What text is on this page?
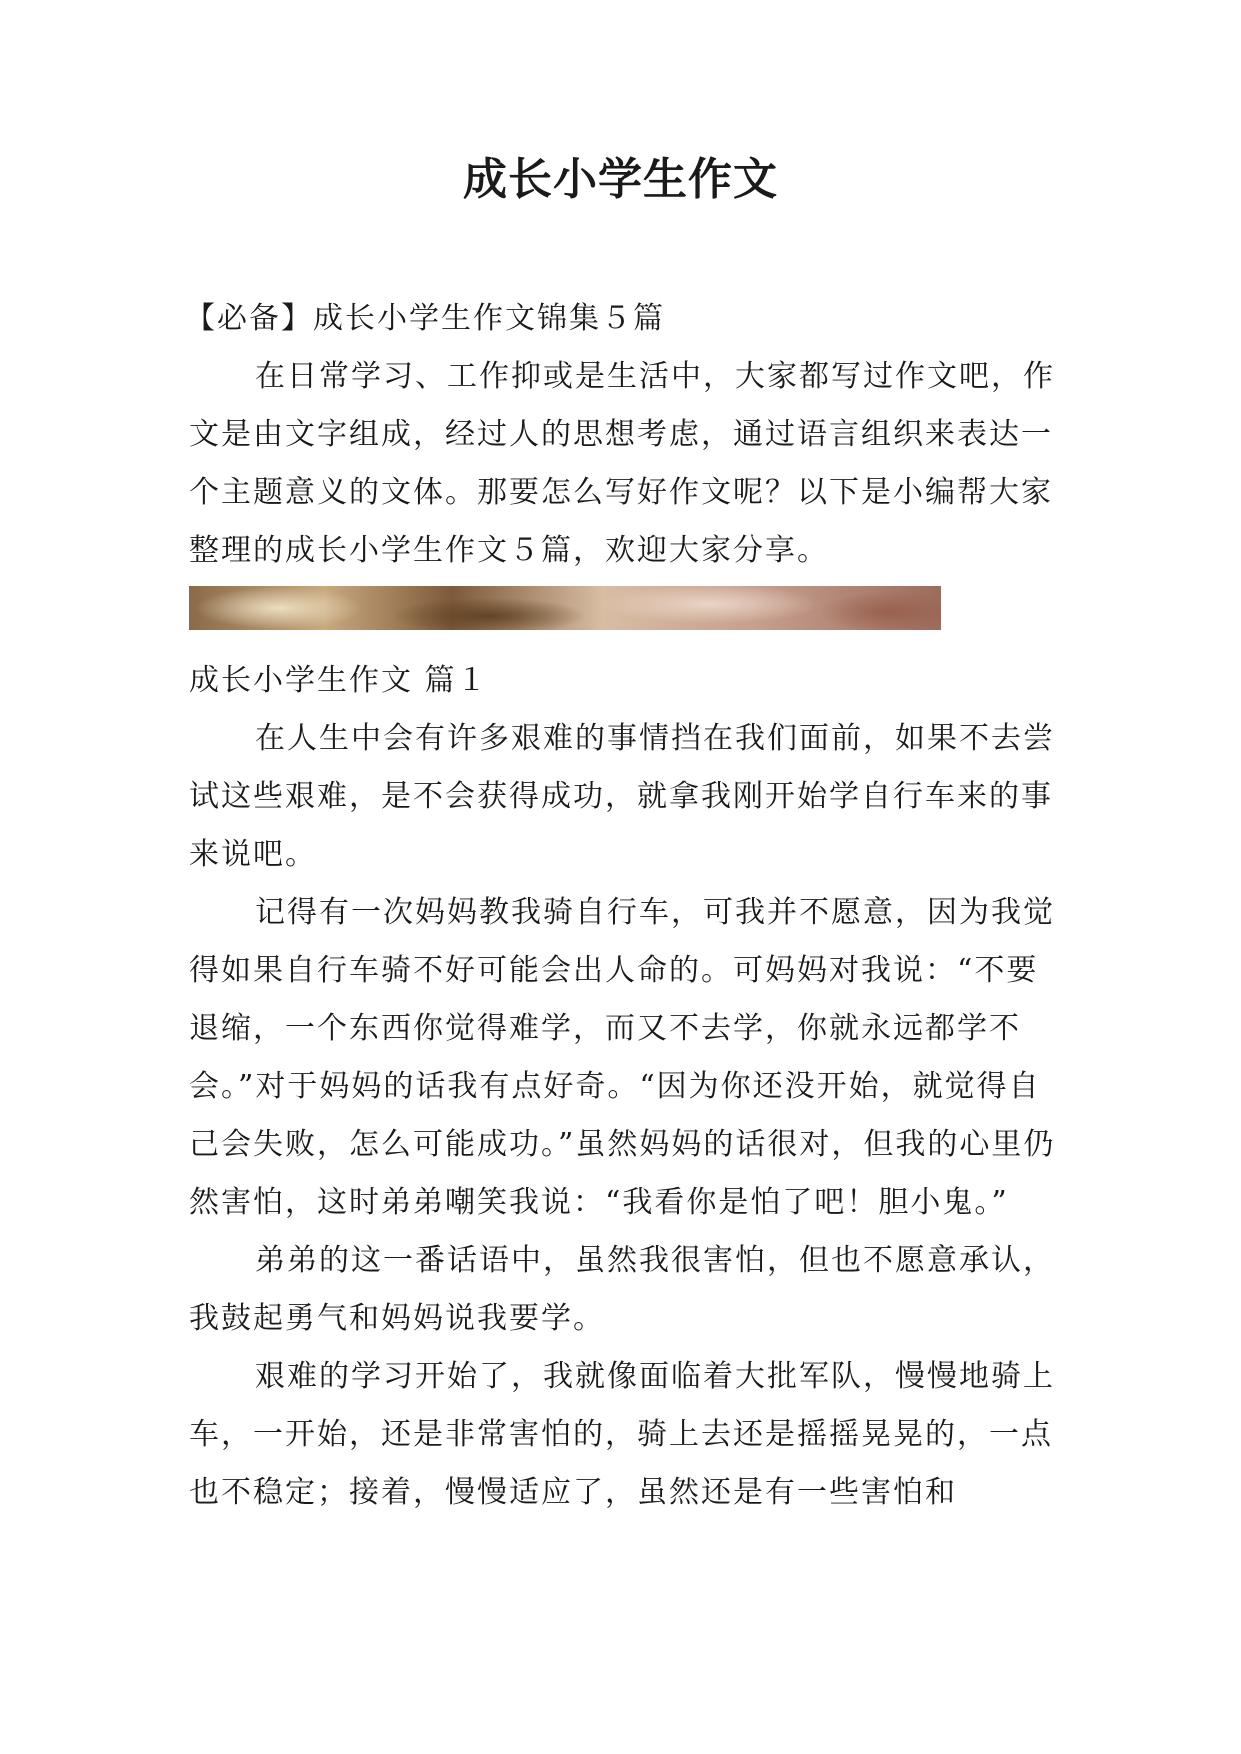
成长小学生作文
【必备】成长小学生作文锦集５篇

在日常学习、工作抑或是生活中，大家都写过作文吧，作文是由文字组成，经过人的思想考虑，通过语言组织来表达一个主题意义的文体。那要怎么写好作文呢？以下是小编帮大家整理的成长小学生作文５篇，欢迎大家分享。

成长小学生作文 篇１

在人生中会有许多艰难的事情挡在我们面前，如果不去尝试这些艰难，是不会获得成功，就拿我刚开始学自行车来的事来说吧。

记得有一次妈妈教我骑自行车，可我并不愿意，因为我觉得如果自行车骑不好可能会出人命的。可妈妈对我说：“不要退缩，一个东西你觉得难学，而又不去学，你就永远都学不会。”对于妈妈的话我有点好奇。“因为你还没开始，就觉得自己会失败，怎么可能成功。”虽然妈妈的话很对，但我的心里仍然害怕，这时弟弟嘲笑我说：“我看你是怕了吧！胆小鬼。”

弟弟的这一番话语中，虽然我很害怕，但也不愿意承认，我鼓起勇气和妈妈说我要学。

艰难的学习开始了，我就像面临着大批军队，慢慢地骑上车，一开始，还是非常害怕的，骑上去还是摇摇晃晃的，一点也不稳定；接着，慢慢适应了，虽然还是有一些害怕和
